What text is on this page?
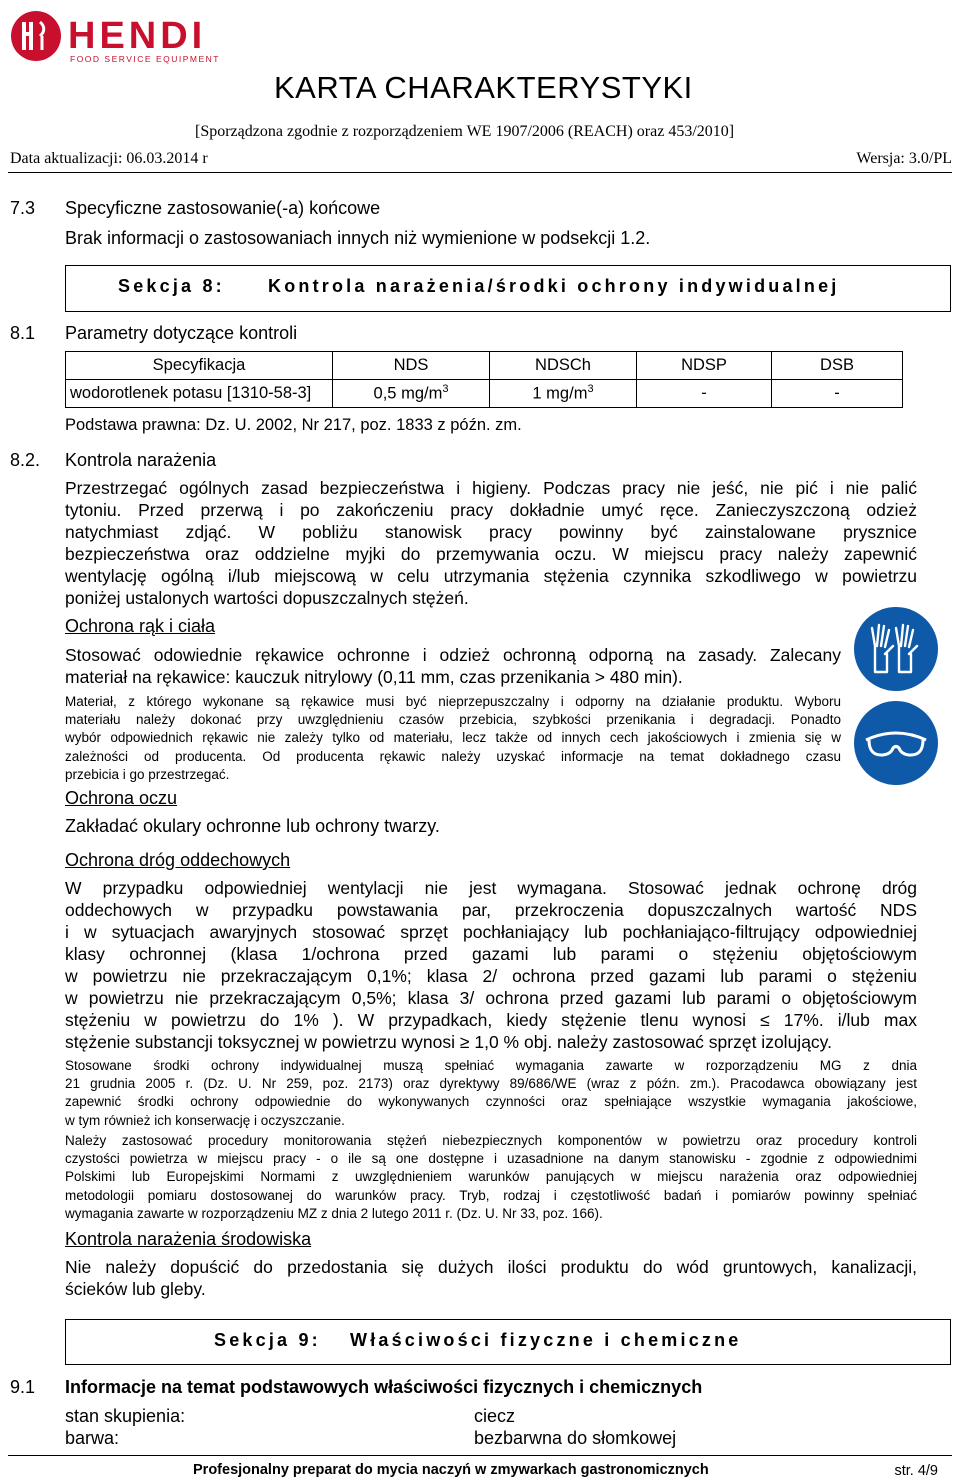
HENDI
FOOD SERVICE EQUIPMENT
KARTA CHARAKTERYSTYKI
[Sporządzona zgodnie z rozporządzeniem WE 1907/2006 (REACH) oraz 453/2010]
Data aktualizacji: 06.03.2014 r	Wersja: 3.0/PL
7.3 Specyficzne zastosowanie(-a) końcowe
Brak informacji o zastosowaniach innych niż wymienione w podsekcji 1.2.
Sekcja 8: Kontrola narażenia/środki ochrony indywidualnej
8.1 Parametry dotyczące kontroli
Specyfikacja	NDS	NDSCh	NDSP	DSB
wodorotlenek potasu [1310-58-3]	0,5 $mg/m^3$	1 $mg/m^3$	-	-
Podstawa prawna: Dz. U. 2002, Nr 217, poz. 1833 z późn. zm.
8.2. Kontrola narażenia
Przestrzegać ogólnych zasad bezpieczeństwa i higieny. Podczas pracy nie jeść, nie pić i nie palić
tytoniu. Przed przerwą i po zakończeniu pracy dokładnie umyć ręce. Zanieczyszczoną odzież
natychmiast zdjąć. W pobliżu stanowisk pracy powinny być zainstalowane prysznice
bezpieczeństwa oraz oddzielne myjki do przemywania oczu. W miejscu pracy należy zapewnić
wentylację ogólną i/lub miejscową w celu utrzymania stężenia czynnika szkodliwego w powietrzu
poniżej ustalonych wartości dopuszczalnych stężeń.
Ochrona rąk i ciała
Stosować odowiednie rękawice ochronne i odzież ochronną odporną na zasady. Zalecany
materiał na rękawice: kauczuk nitrylowy (0,11 mm, czas przenikania > 480 min).
Materiał, z którego wykonane są rękawice musi być nieprzepuszczalny i odporny na działanie produktu. Wyboru
materiału należy dokonać przy uwzględnieniu czasów przebicia, szybkości przenikania i degradacji. Ponadto
wybór odpowiednich rękawic nie zależy tylko od materiału, lecz także od innych cech jakościowych i zmienia się w
zależności od producenta. Od producenta rękawic należy uzyskać informacje na temat dokładnego czasu
przebicia i go przestrzegać.
Ochrona oczu
Zakładać okulary ochronne lub ochrony twarzy.
Ochrona dróg oddechowych
W przypadku odpowiedniej wentylacji nie jest wymagana. Stosować jednak ochronę dróg
oddechowych w przypadku powstawania par, przekroczenia dopuszczalnych wartość NDS
i w sytuacjach awaryjnych stosować sprzęt pochłaniający lub pochłaniająco-filtrujący odpowiedniej
klasy ochronnej (klasa 1/ochrona przed gazami lub parami o stężeniu objętościowym
w powietrzu nie przekraczającym 0,1%; klasa 2/ ochrona przed gazami lub parami o stężeniu
w powietrzu nie przekraczającym 0,5%; klasa 3/ ochrona przed gazami lub parami o objętościowym
stężeniu w powietrzu do 1% ). W przypadkach, kiedy stężenie tlenu wynosi ≤ 17%. i/lub max
stężenie substancji toksycznej w powietrzu wynosi ≥ 1,0 % obj. należy zastosować sprzęt izolujący.
Stosowane środki ochrony indywidualnej muszą spełniać wymagania zawarte w rozporządzeniu MG z dnia
21 grudnia 2005 r. (Dz. U. Nr 259, poz. 2173) oraz dyrektywy 89/686/WE (wraz z późn. zm.). Pracodawca obowiązany jest
zapewnić środki ochrony odpowiednie do wykonywanych czynności oraz spełniające wszystkie wymagania jakościowe,
w tym również ich konserwację i oczyszczanie.
Należy zastosować procedury monitorowania stężeń niebezpiecznych komponentów w powietrzu oraz procedury kontroli
czystości powietrza w miejscu pracy - o ile są one dostępne i uzasadnione na danym stanowisku - zgodnie z odpowiednimi
Polskimi lub Europejskimi Normami z uwzględnieniem warunków panujących w miejscu narażenia oraz odpowiedniej
metodologii pomiaru dostosowanej do warunków pracy. Tryb, rodzaj i częstotliwość badań i pomiarów powinny spełniać
wymagania zawarte w rozporządzeniu MZ z dnia 2 lutego 2011 r. (Dz. U. Nr 33, poz. 166).
Kontrola narażenia środowiska
Nie należy dopuścić do przedostania się dużych ilości produktu do wód gruntowych, kanalizacji,
ścieków lub gleby.
Sekcja 9: Właściwości fizyczne i chemiczne
9.1 Informacje na temat podstawowych właściwości fizycznych i chemicznych
stan skupienia:	ciecz
barwa:	bezbarwna do słomkowej
Profesjonalny preparat do mycia naczyń w zmywarkach gastronomicznych	str. 4/9
